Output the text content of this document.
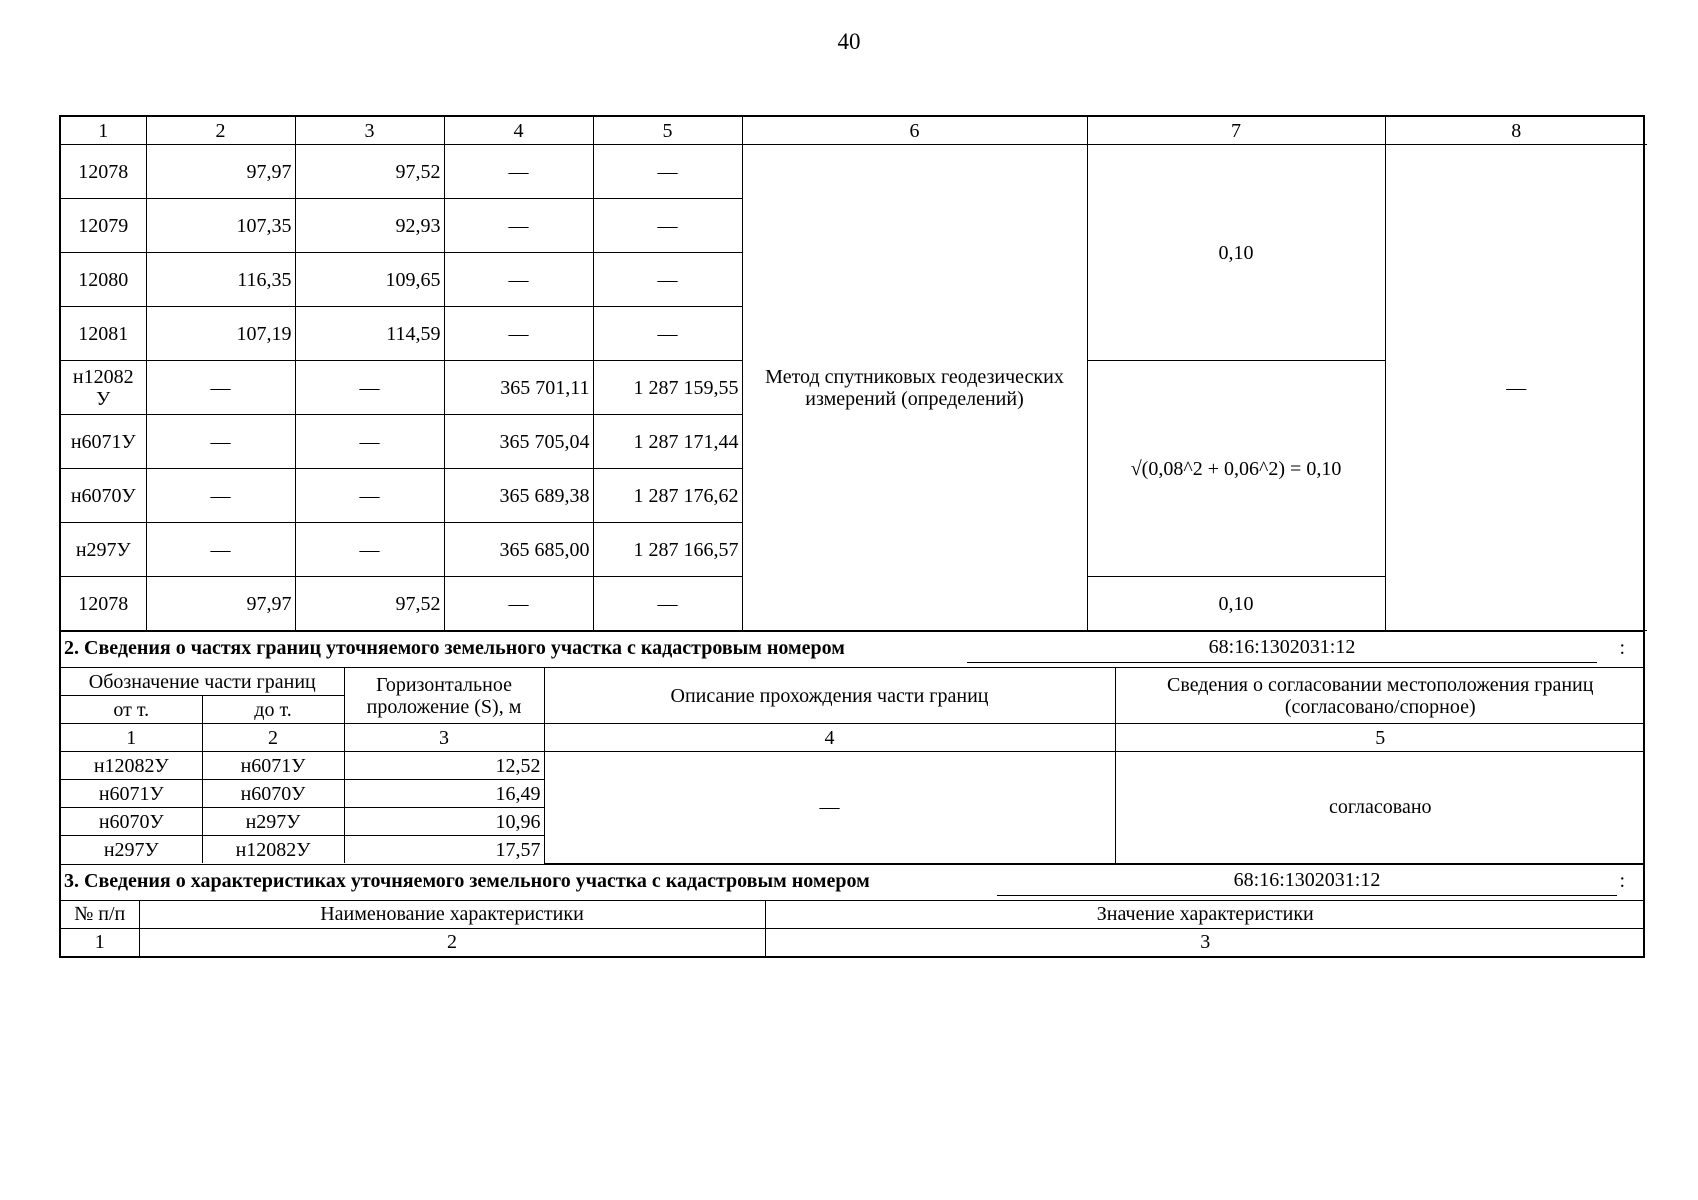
40
1	2	3	4	5	6	7	8
12078	97,97	97,52	—	—	Метод спутниковых геодезических измерений (определений)	0,10	—
12079	107,35	92,93	—	—			
12080	116,35	109,65	—	—			
12081	107,19	114,59	—	—			
н12082 У	—	—	365 701,11	1 287 159,55		√(0,08^2 + 0,06^2) = 0,10	
н6071У	—	—	365 705,04	1 287 171,44			
н6070У	—	—	365 689,38	1 287 176,62			
н297У	—	—	365 685,00	1 287 166,57			
12078	97,97	97,52	—	—		0,10	
2. Сведения о частях границ уточняемого земельного участка с кадастровым номером	68:16:1302031:12	:
Обозначение части границ		Горизонтальное проложение (S), м	Описание прохождения части границ	Сведения о согласовании местоположения границ (согласовано/спорное)
от т.	до т.			
1	2	3	4	5
н12082У	н6071У	12,52	—	согласовано
н6071У	н6070У	16,49		
н6070У	н297У	10,96		
н297У	н12082У	17,57		
3. Сведения о характеристиках уточняемого земельного участка с кадастровым номером	68:16:1302031:12	:
№ п/п	Наименование характеристики	Значение характеристики
1	2	3
